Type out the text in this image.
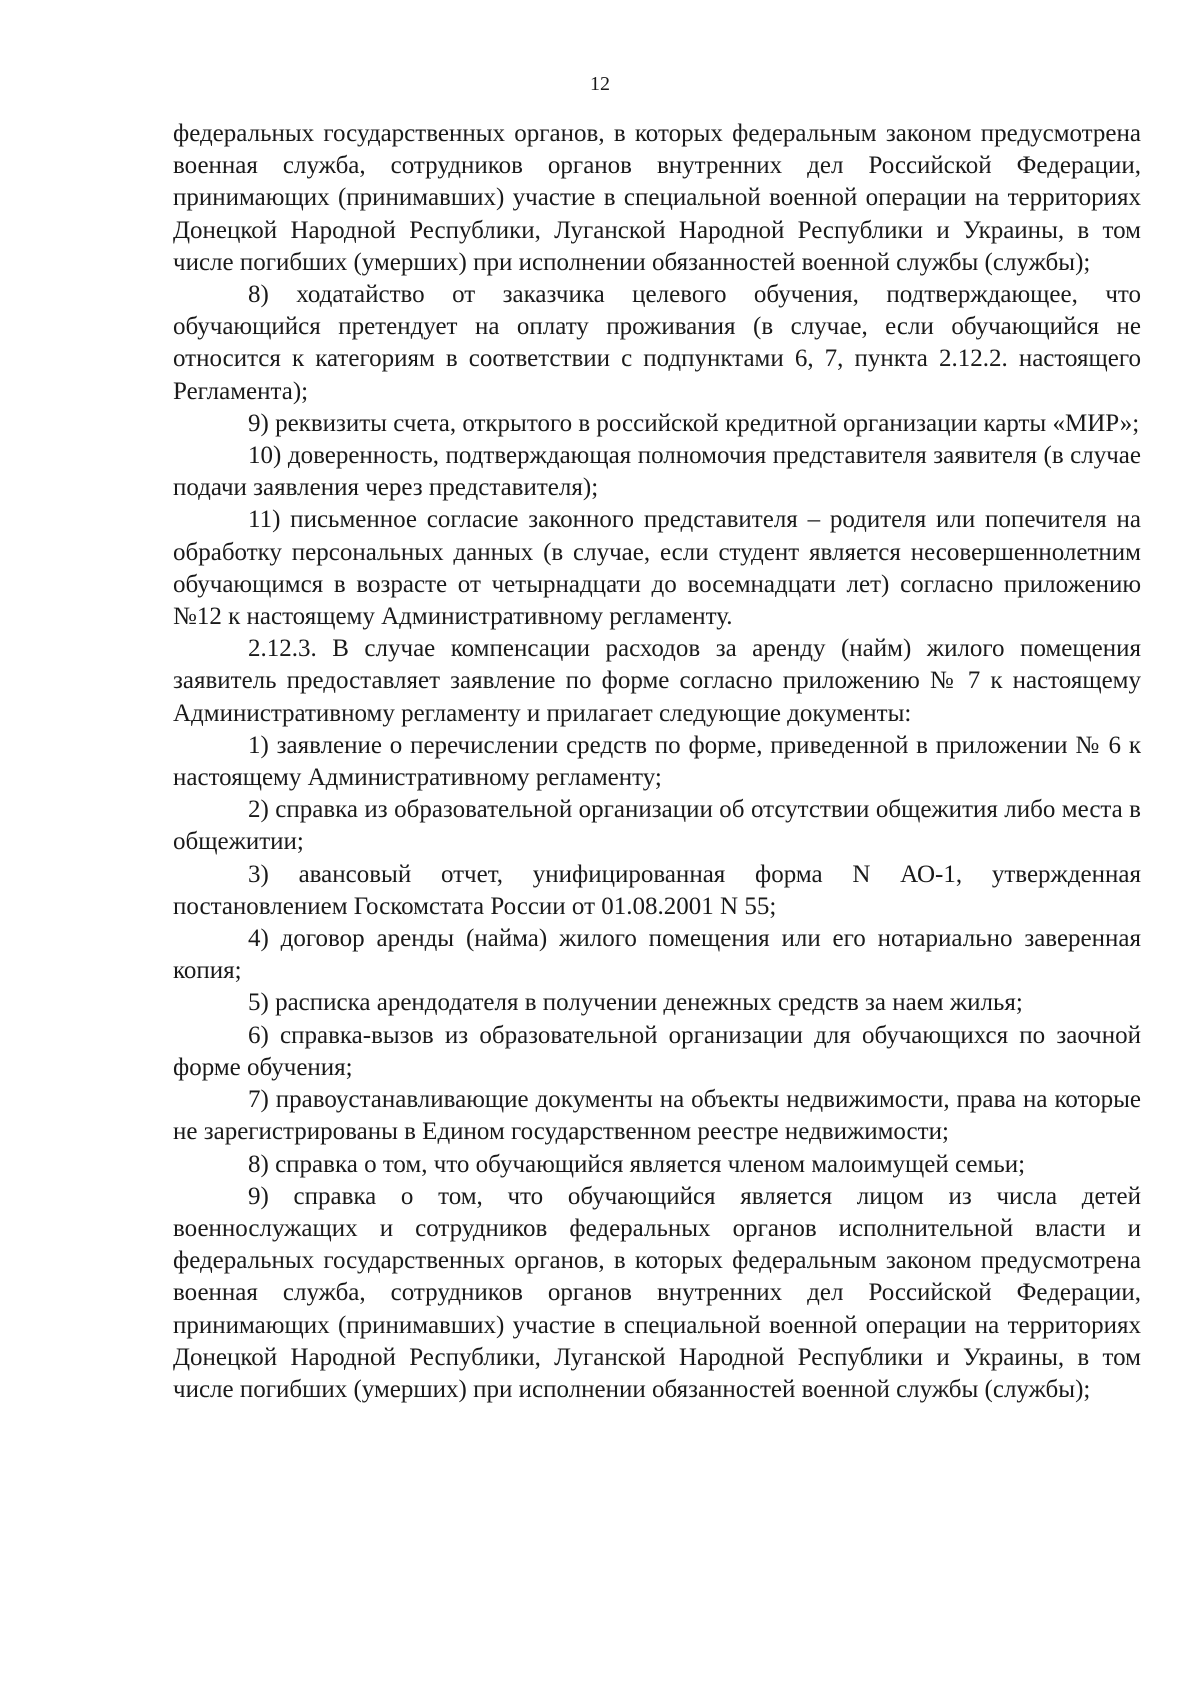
12

федеральных государственных органов, в которых федеральным законом предусмотрена военная служба, сотрудников органов внутренних дел Российской Федерации, принимающих (принимавших) участие в специальной военной операции на территориях Донецкой Народной Республики, Луганской Народной Республики и Украины, в том числе погибших (умерших) при исполнении обязанностей военной службы (службы);

8) ходатайство от заказчика целевого обучения, подтверждающее, что обучающийся претендует на оплату проживания (в случае, если обучающийся не относится к категориям в соответствии с подпунктами 6, 7, пункта 2.12.2. настоящего Регламента);

9) реквизиты счета, открытого в российской кредитной организации карты «МИР»;

10) доверенность, подтверждающая полномочия представителя заявителя (в случае подачи заявления через представителя);

11) письменное согласие законного представителя – родителя или попечителя на обработку персональных данных (в случае, если студент является несовершеннолетним обучающимся в возрасте от четырнадцати до восемнадцати лет) согласно приложению №12 к настоящему Административному регламенту.

2.12.3. В случае компенсации расходов за аренду (найм) жилого помещения заявитель предоставляет заявление по форме согласно приложению № 7 к настоящему Административному регламенту и прилагает следующие документы:

1) заявление о перечислении средств по форме, приведенной в приложении № 6 к настоящему Административному регламенту;

2) справка из образовательной организации об отсутствии общежития либо места в общежитии;

3) авансовый отчет, унифицированная форма N АО-1, утвержденная постановлением Госкомстата России от 01.08.2001 N 55;

4) договор аренды (найма) жилого помещения или его нотариально заверенная копия;

5) расписка арендодателя в получении денежных средств за наем жилья;

6) справка-вызов из образовательной организации для обучающихся по заочной форме обучения;

7) правоустанавливающие документы на объекты недвижимости, права на которые не зарегистрированы в Едином государственном реестре недвижимости;

8) справка о том, что обучающийся является членом малоимущей семьи;

9) справка о том, что обучающийся является лицом из числа детей военнослужащих и сотрудников федеральных органов исполнительной власти и федеральных государственных органов, в которых федеральным законом предусмотрена военная служба, сотрудников органов внутренних дел Российской Федерации, принимающих (принимавших) участие в специальной военной операции на территориях Донецкой Народной Республики, Луганской Народной Республики и Украины, в том числе погибших (умерших) при исполнении обязанностей военной службы (службы);
